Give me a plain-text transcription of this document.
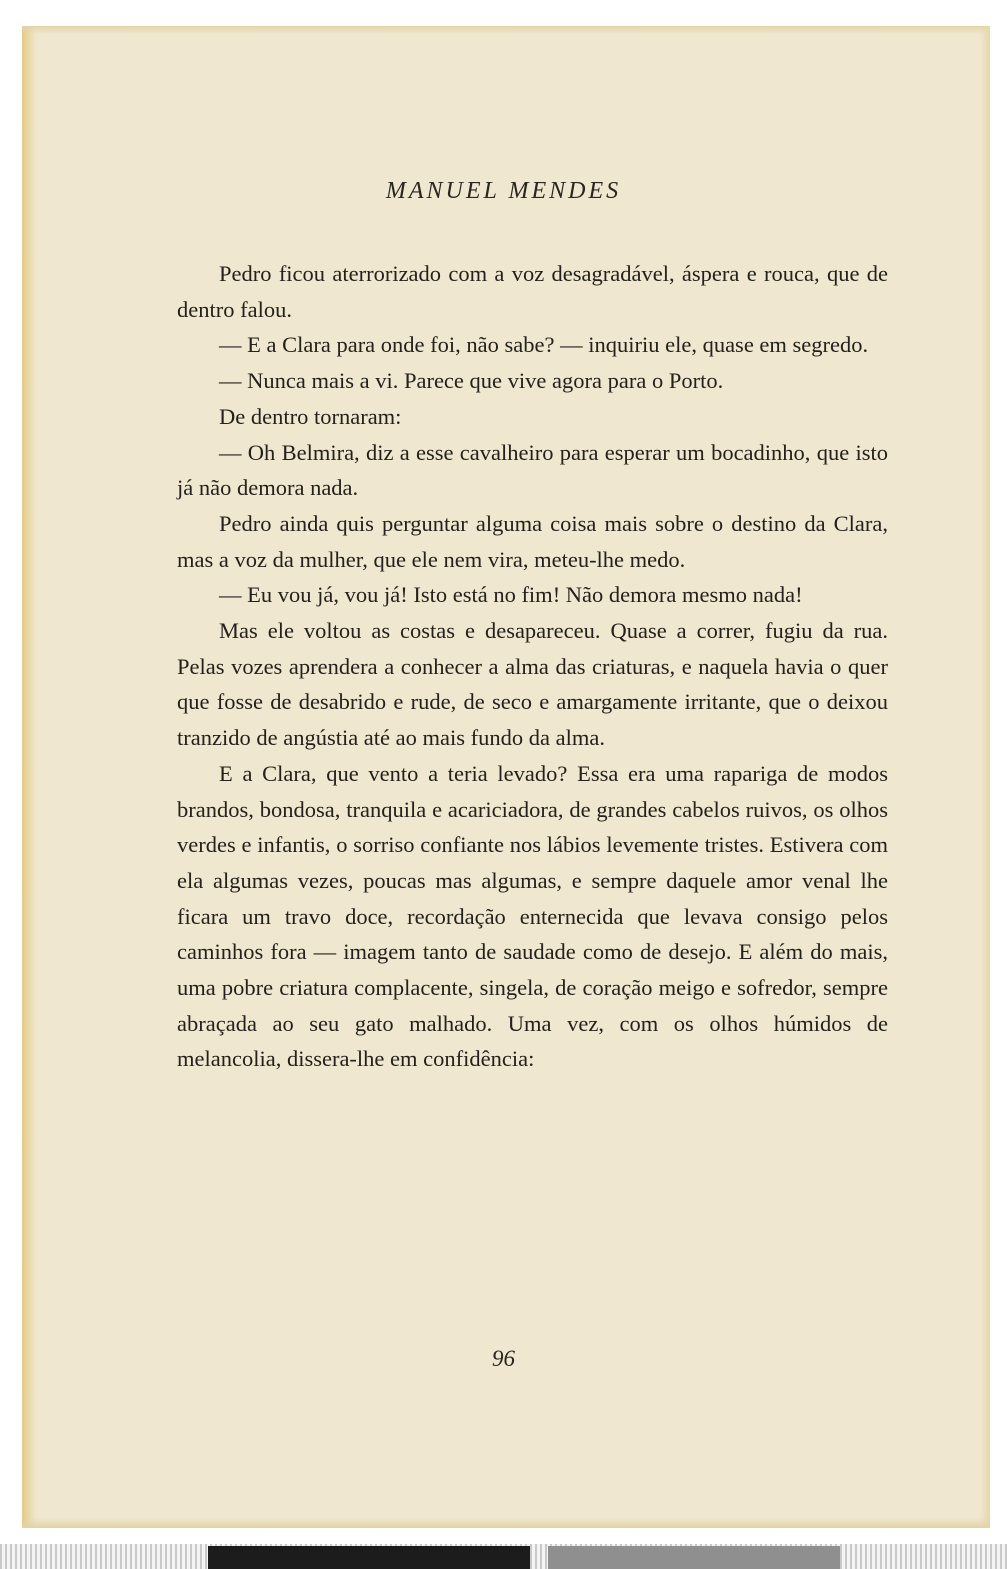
MANUEL MENDES

Pedro ficou aterrorizado com a voz desagradável, áspera e rouca, que de dentro falou.

— E a Clara para onde foi, não sabe? — inquiriu ele, quase em segredo.

— Nunca mais a vi. Parece que vive agora para o Porto.

De dentro tornaram:

— Oh Belmira, diz a esse cavalheiro para esperar um bocadinho, que isto já não demora nada.

Pedro ainda quis perguntar alguma coisa mais sobre o destino da Clara, mas a voz da mulher, que ele nem vira, meteu-lhe medo.

— Eu vou já, vou já! Isto está no fim! Não demora mesmo nada!

Mas ele voltou as costas e desapareceu. Quase a correr, fugiu da rua. Pelas vozes aprendera a conhecer a alma das criaturas, e naquela havia o quer que fosse de desabrido e rude, de seco e amargamente irritante, que o deixou tranzido de angústia até ao mais fundo da alma.

E a Clara, que vento a teria levado? Essa era uma rapariga de modos brandos, bondosa, tranquila e acariciadora, de grandes cabelos ruivos, os olhos verdes e infantis, o sorriso confiante nos lábios levemente tristes. Estivera com ela algumas vezes, poucas mas algumas, e sempre daquele amor venal lhe ficara um travo doce, recordação enternecida que levava consigo pelos caminhos fora — imagem tanto de saudade como de desejo. E além do mais, uma pobre criatura complacente, singela, de coração meigo e sofredor, sempre abraçada ao seu gato malhado. Uma vez, com os olhos húmidos de melancolia, dissera-lhe em confidência:

96
